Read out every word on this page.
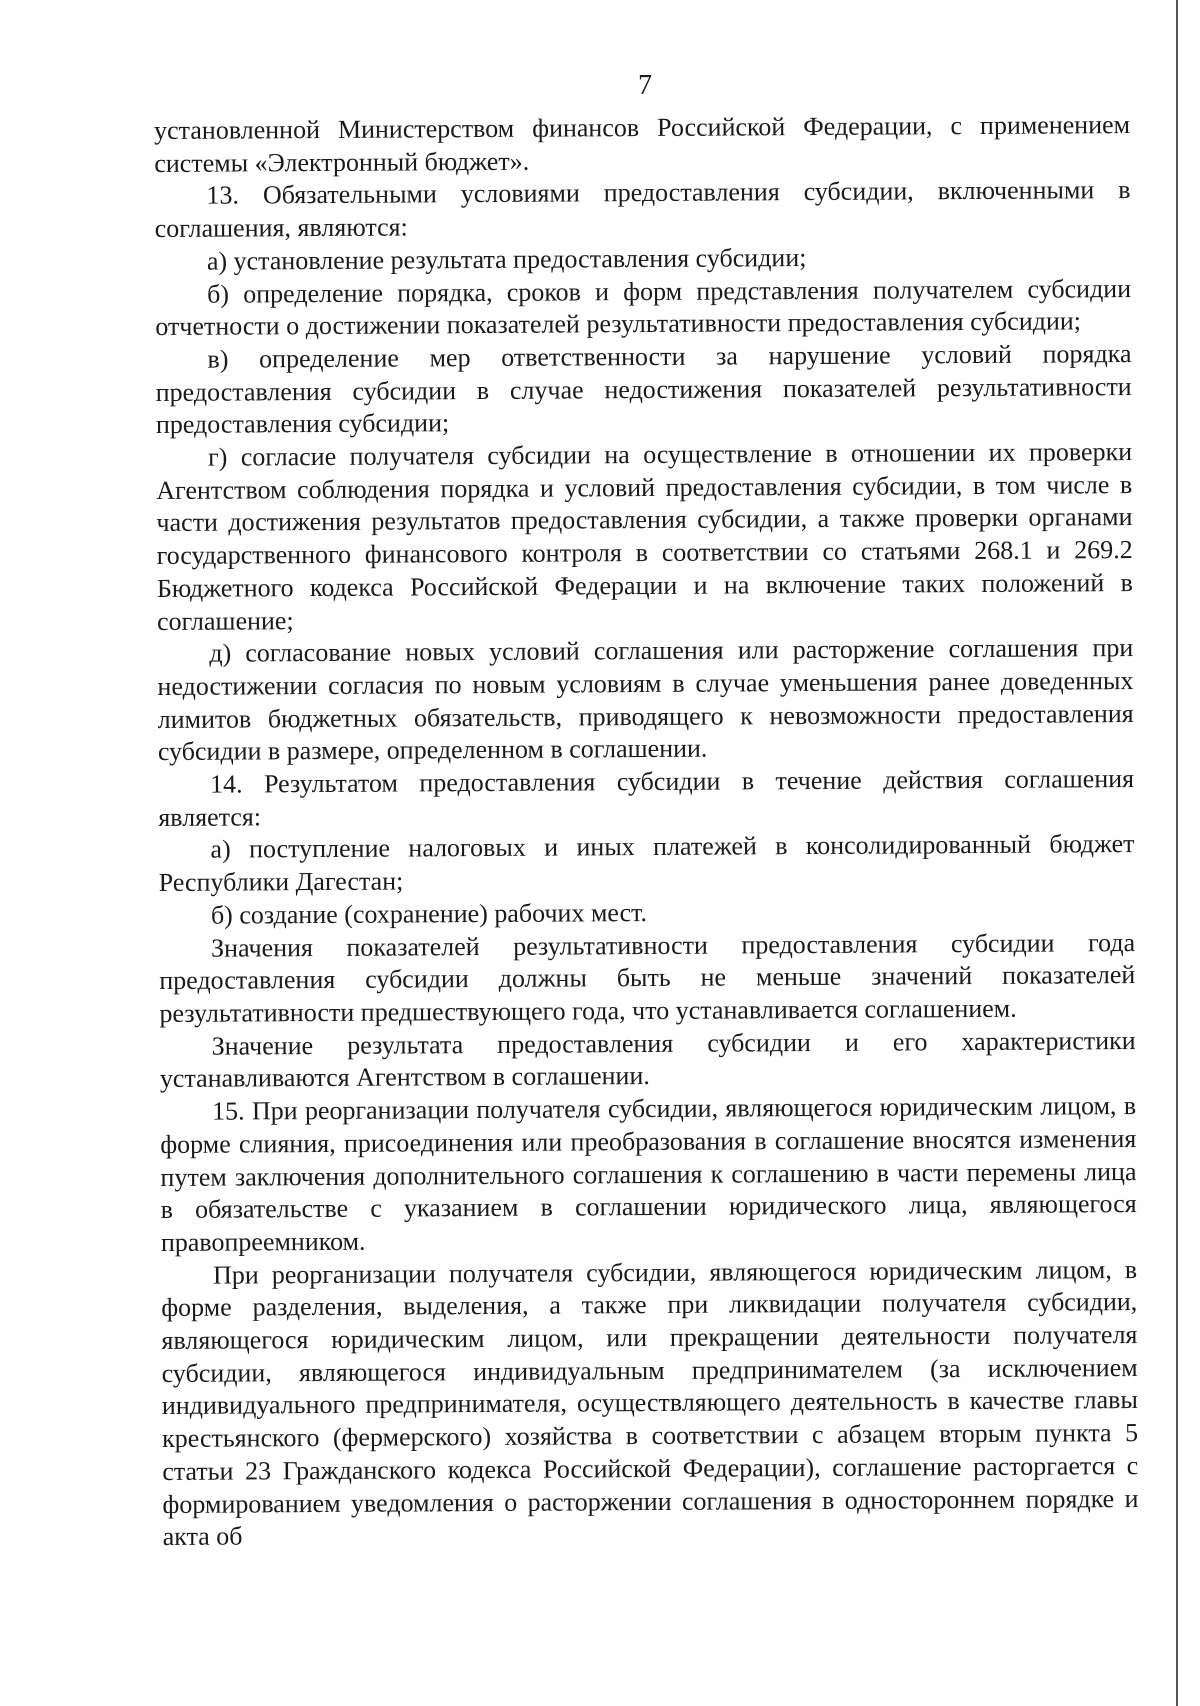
7

установленной Министерством финансов Российской Федерации, с применением системы «Электронный бюджет».

13. Обязательными условиями предоставления субсидии, включенными в соглашения, являются:

а) установление результата предоставления субсидии;

б) определение порядка, сроков и форм представления получателем субсидии отчетности о достижении показателей результативности предоставления субсидии;

в) определение мер ответственности за нарушение условий порядка предоставления субсидии в случае недостижения показателей результативности предоставления субсидии;

г) согласие получателя субсидии на осуществление в отношении их проверки Агентством соблюдения порядка и условий предоставления субсидии, в том числе в части достижения результатов предоставления субсидии, а также проверки органами государственного финансового контроля в соответствии со статьями 268.1 и 269.2 Бюджетного кодекса Российской Федерации и на включение таких положений в соглашение;

д) согласование новых условий соглашения или расторжение соглашения при недостижении согласия по новым условиям в случае уменьшения ранее доведенных лимитов бюджетных обязательств, приводящего к невозможности предоставления субсидии в размере, определенном в соглашении.

14. Результатом предоставления субсидии в течение действия соглашения является:

а) поступление налоговых и иных платежей в консолидированный бюджет Республики Дагестан;

б) создание (сохранение) рабочих мест.

Значения показателей результативности предоставления субсидии года предоставления субсидии должны быть не меньше значений показателей результативности предшествующего года, что устанавливается соглашением.

Значение результата предоставления субсидии и его характеристики устанавливаются Агентством в соглашении.

15. При реорганизации получателя субсидии, являющегося юридическим лицом, в форме слияния, присоединения или преобразования в соглашение вносятся изменения путем заключения дополнительного соглашения к соглашению в части перемены лица в обязательстве с указанием в соглашении юридического лица, являющегося правопреемником.

При реорганизации получателя субсидии, являющегося юридическим лицом, в форме разделения, выделения, а также при ликвидации получателя субсидии, являющегося юридическим лицом, или прекращении деятельности получателя субсидии, являющегося индивидуальным предпринимателем (за исключением индивидуального предпринимателя, осуществляющего деятельность в качестве главы крестьянского (фермерского) хозяйства в соответствии с абзацем вторым пункта 5 статьи 23 Гражданского кодекса Российской Федерации), соглашение расторгается с формированием уведомления о расторжении соглашения в одностороннем порядке и акта об
